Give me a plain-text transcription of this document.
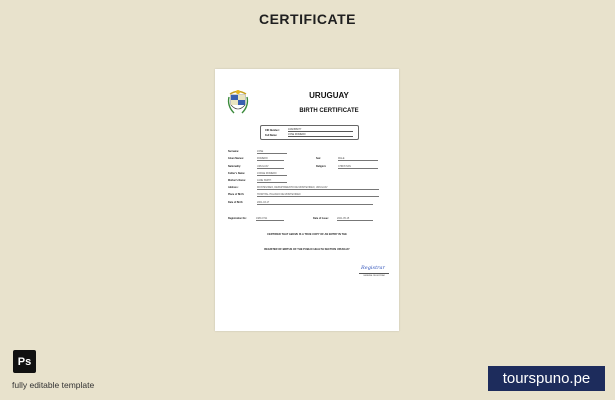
CERTIFICATE
URUGUAY
BIRTH CERTIFICATE
CID Number:	1032456077
Full Name:	JOSE ROMERO
Surname:	JOSE
Given Names:	ROMERO	Sex:	MALE
Nationality:	URUGUAY	Religion:	CHRISTIAN
Father's Name:	JORGE ROMERO
Mother's Name:	JANE SMITH
Address:	MONTEVIDEO, DEPARTAMENTO DE MONTEVIDEO, URUGUAY
Place of Birth:	HOSPITAL ITALIANO DE MONTEVIDEO
Date of Birth:	2001-03-17
Registration No:	1980-0711	Date of Issue:	2021-05-15
CERTIFIED THAT ABOVE IS A TRUE COPY OF AN ENTRY IN THE
REGISTER OF BIRTHS OF THE PUBLIC HEALTH SECTION URUGUAY
Registrar
GENERAL REGISTRAR
Ps
fully editable template	tourspuno.pe
